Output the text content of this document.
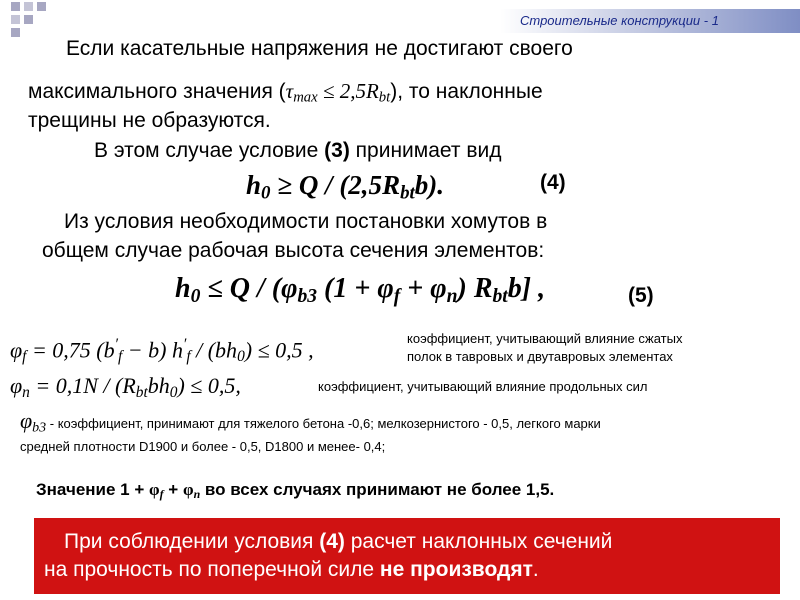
Строительные конструкции - 1
Если касательные напряжения не достигают своего
максимального значения $(\tau_{max} \le 2,5R_{bt})$, то наклонные
трещины не образуются.
В этом случае условие (3) принимает вид
$h_0 \ge Q / (2,5R_{bt}b)$.	(4)
Из условия необходимости постановки хомутов в
общем случае рабочая высота сечения элементов:
$h_0 \le Q / (\varphi_{b3}$ $(1 + \varphi_f + \varphi_n)$ $R_{bt}b$] ,	(5)
$\varphi_f = 0,75$ $(b'_f - b)$ $h'_f / (bh_0) \le 0,5$ ,	коэффициент, учитывающий влияние сжатых
полок в тавровых и двутавровых элементах
$\varphi_n = 0,1N / (R_{bt}bh_0) \le 0,5$,	коэффициент, учитывающий влияние продольных сил
$\varphi_{b3}$ - коэффициент, принимают для тяжелого бетона -0,6; мелкозернистого - 0,5, легкого марки
средней плотности D1900 и более - 0,5, D1800 и менее- 0,4;
Значение $1 + \varphi_f + \varphi_n$ во всех случаях принимают не более 1,5.
При соблюдении условия (4) расчет наклонных сечений
на прочность по поперечной силе не производят.
